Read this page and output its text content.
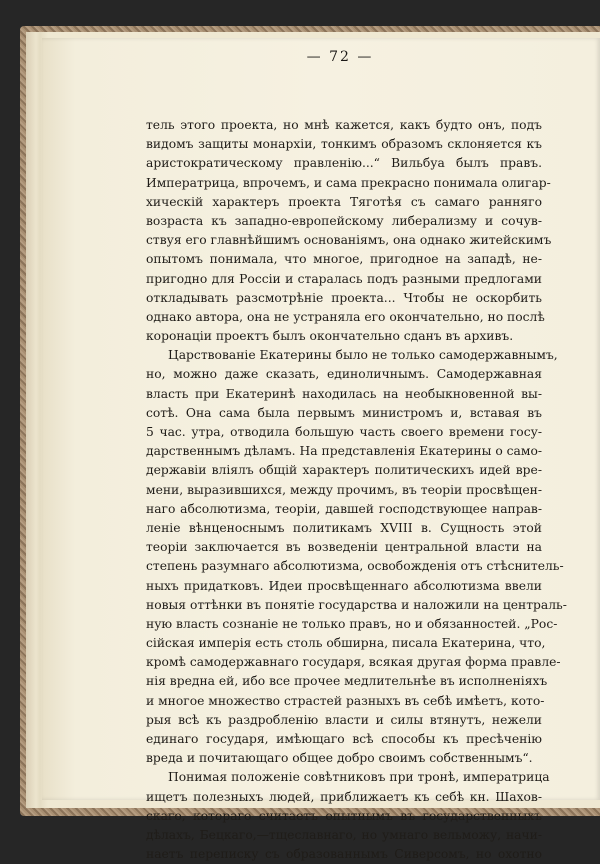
— 72 —
тель этого проекта, но мнѣ кажется, какъ будто онъ, подъ
видомъ защиты монархіи, тонкимъ образомъ склоняется къ
аристократическому правленію...“ Вильбуа былъ правъ.
Императрица, впрочемъ, и сама прекрасно понимала олигар-
хическій характеръ проекта Тяготѣя съ самаго ранняго
возраста къ западно-европейскому либерализму и сочув-
ствуя его главнѣйшимъ основаніямъ, она однако житейскимъ
опытомъ понимала, что многое, пригодное на западѣ, не-
пригодно для Россіи и старалась подъ разными предлогами
откладывать разсмотрѣніе проекта... Чтобы не оскорбить
однако автора, она не устраняла его окончательно, но послѣ
коронаціи проектъ былъ окончательно сданъ въ архивъ.
Царствованіе Екатерины было не только самодержавнымъ,
но, можно даже сказать, единоличнымъ. Самодержавная
власть при Екатеринѣ находилась на необыкновенной вы-
сотѣ. Она сама была первымъ министромъ и, вставая въ
5 час. утра, отводила большую часть своего времени госу-
дарственнымъ дѣламъ. На представленія Екатерины о само-
державіи вліялъ общій характеръ политическихъ идей вре-
мени, выразившихся, между прочимъ, въ теоріи просвѣщен-
наго абсолютизма, теоріи, давшей господствующее направ-
леніе вѣнценоснымъ политикамъ XVIII в. Сущность этой
теоріи заключается въ возведеніи центральной власти на
степень разумнаго абсолютизма, освобожденія отъ стѣснитель-
ныхъ придатковъ. Идеи просвѣщеннаго абсолютизма ввели
новыя оттѣнки въ понятіе государства и наложили на централь-
ную власть сознаніе не только правъ, но и обязанностей. „Рос-
сійская имперія есть столь обширна, писала Екатерина, что,
кромѣ самодержавнаго государя, всякая другая форма правле-
нія вредна ей, ибо все прочее медлительнѣе въ исполненіяхъ
и многое множество страстей разныхъ въ себѣ имѣетъ, кото-
рыя всѣ къ раздробленію власти и силы втянутъ, нежели
единаго государя, имѣющаго всѣ способы къ пресѣченію
вреда и почитающаго общее добро своимъ собственнымъ“.
Понимая положеніе совѣтниковъ при тронѣ, императрица
ищетъ полезныхъ людей, приближаетъ къ себѣ кн. Шахов-
скаго, котораго считаетъ опытнымъ въ государственныхъ
дѣлахъ, Бецкаго,—тщеславнаго, но умнаго вельможу, начи-
наетъ переписку съ образованнымъ Сиверсомъ, но охотно
